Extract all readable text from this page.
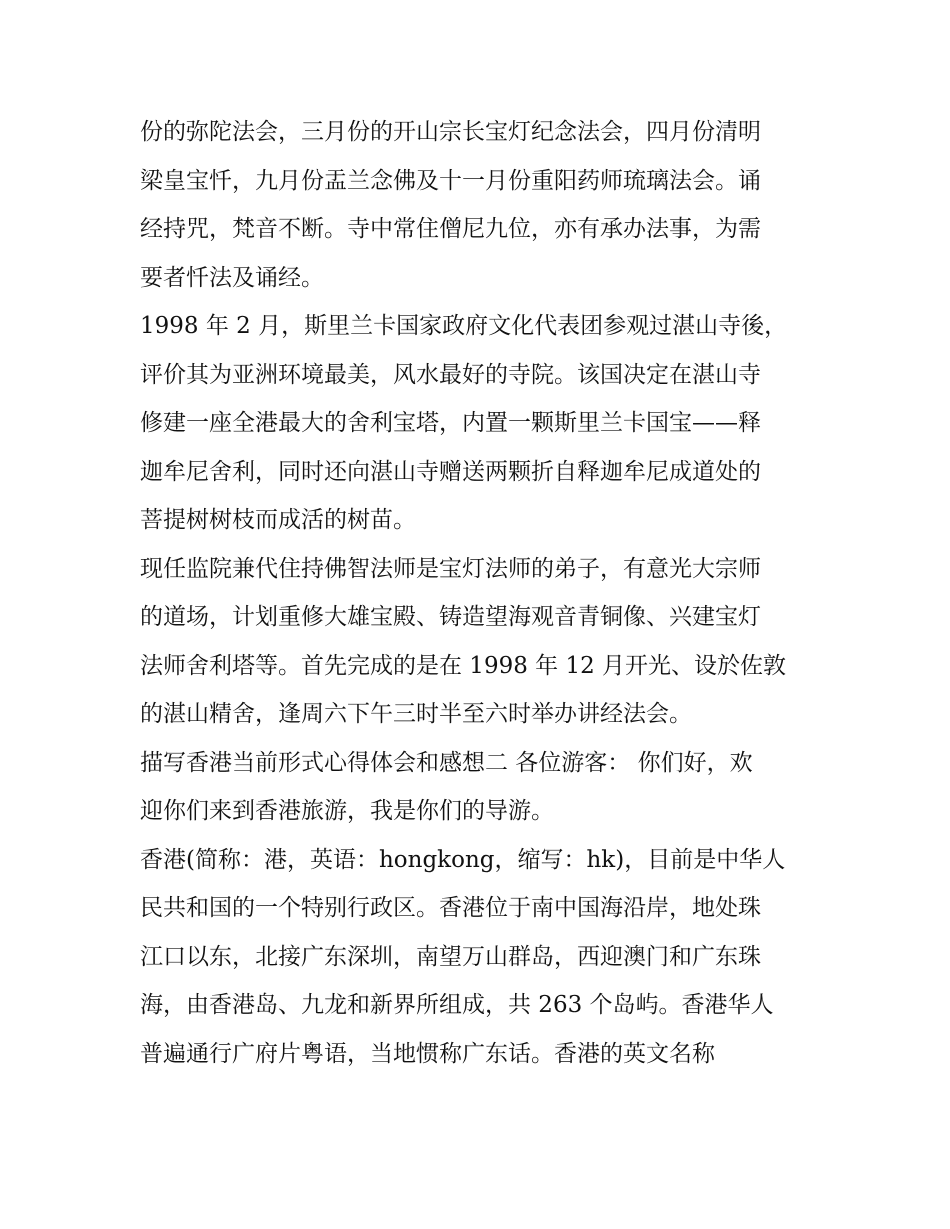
份的弥陀法会，三月份的开山宗长宝灯纪念法会，四月份清明
梁皇宝忏，九月份盂兰念佛及十一月份重阳药师琉璃法会。诵
经持咒，梵音不断。寺中常住僧尼九位，亦有承办法事，为需
要者忏法及诵经。

1998 年 2 月，斯里兰卡国家政府文化代表团参观过湛山寺後，
评价其为亚洲环境最美，风水最好的寺院。该国决定在湛山寺
修建一座全港最大的舍利宝塔，内置一颗斯里兰卡国宝——释
迦牟尼舍利，同时还向湛山寺赠送两颗折自释迦牟尼成道处的
菩提树树枝而成活的树苗。

现任监院兼代住持佛智法师是宝灯法师的弟子，有意光大宗师
的道场，计划重修大雄宝殿、铸造望海观音青铜像、兴建宝灯
法师舍利塔等。首先完成的是在 1998 年 12 月开光、设於佐敦
的湛山精舍，逢周六下午三时半至六时举办讲经法会。

描写香港当前形式心得体会和感想二 各位游客： 你们好，欢
迎你们来到香港旅游，我是你们的导游。

香港(简称：港，英语：hongkong，缩写：hk)，目前是中华人
民共和国的一个特别行政区。香港位于南中国海沿岸，地处珠
江口以东，北接广东深圳，南望万山群岛，西迎澳门和广东珠
海，由香港岛、九龙和新界所组成，共 263 个岛屿。香港华人
普遍通行广府片粤语，当地惯称广东话。香港的英文名称
